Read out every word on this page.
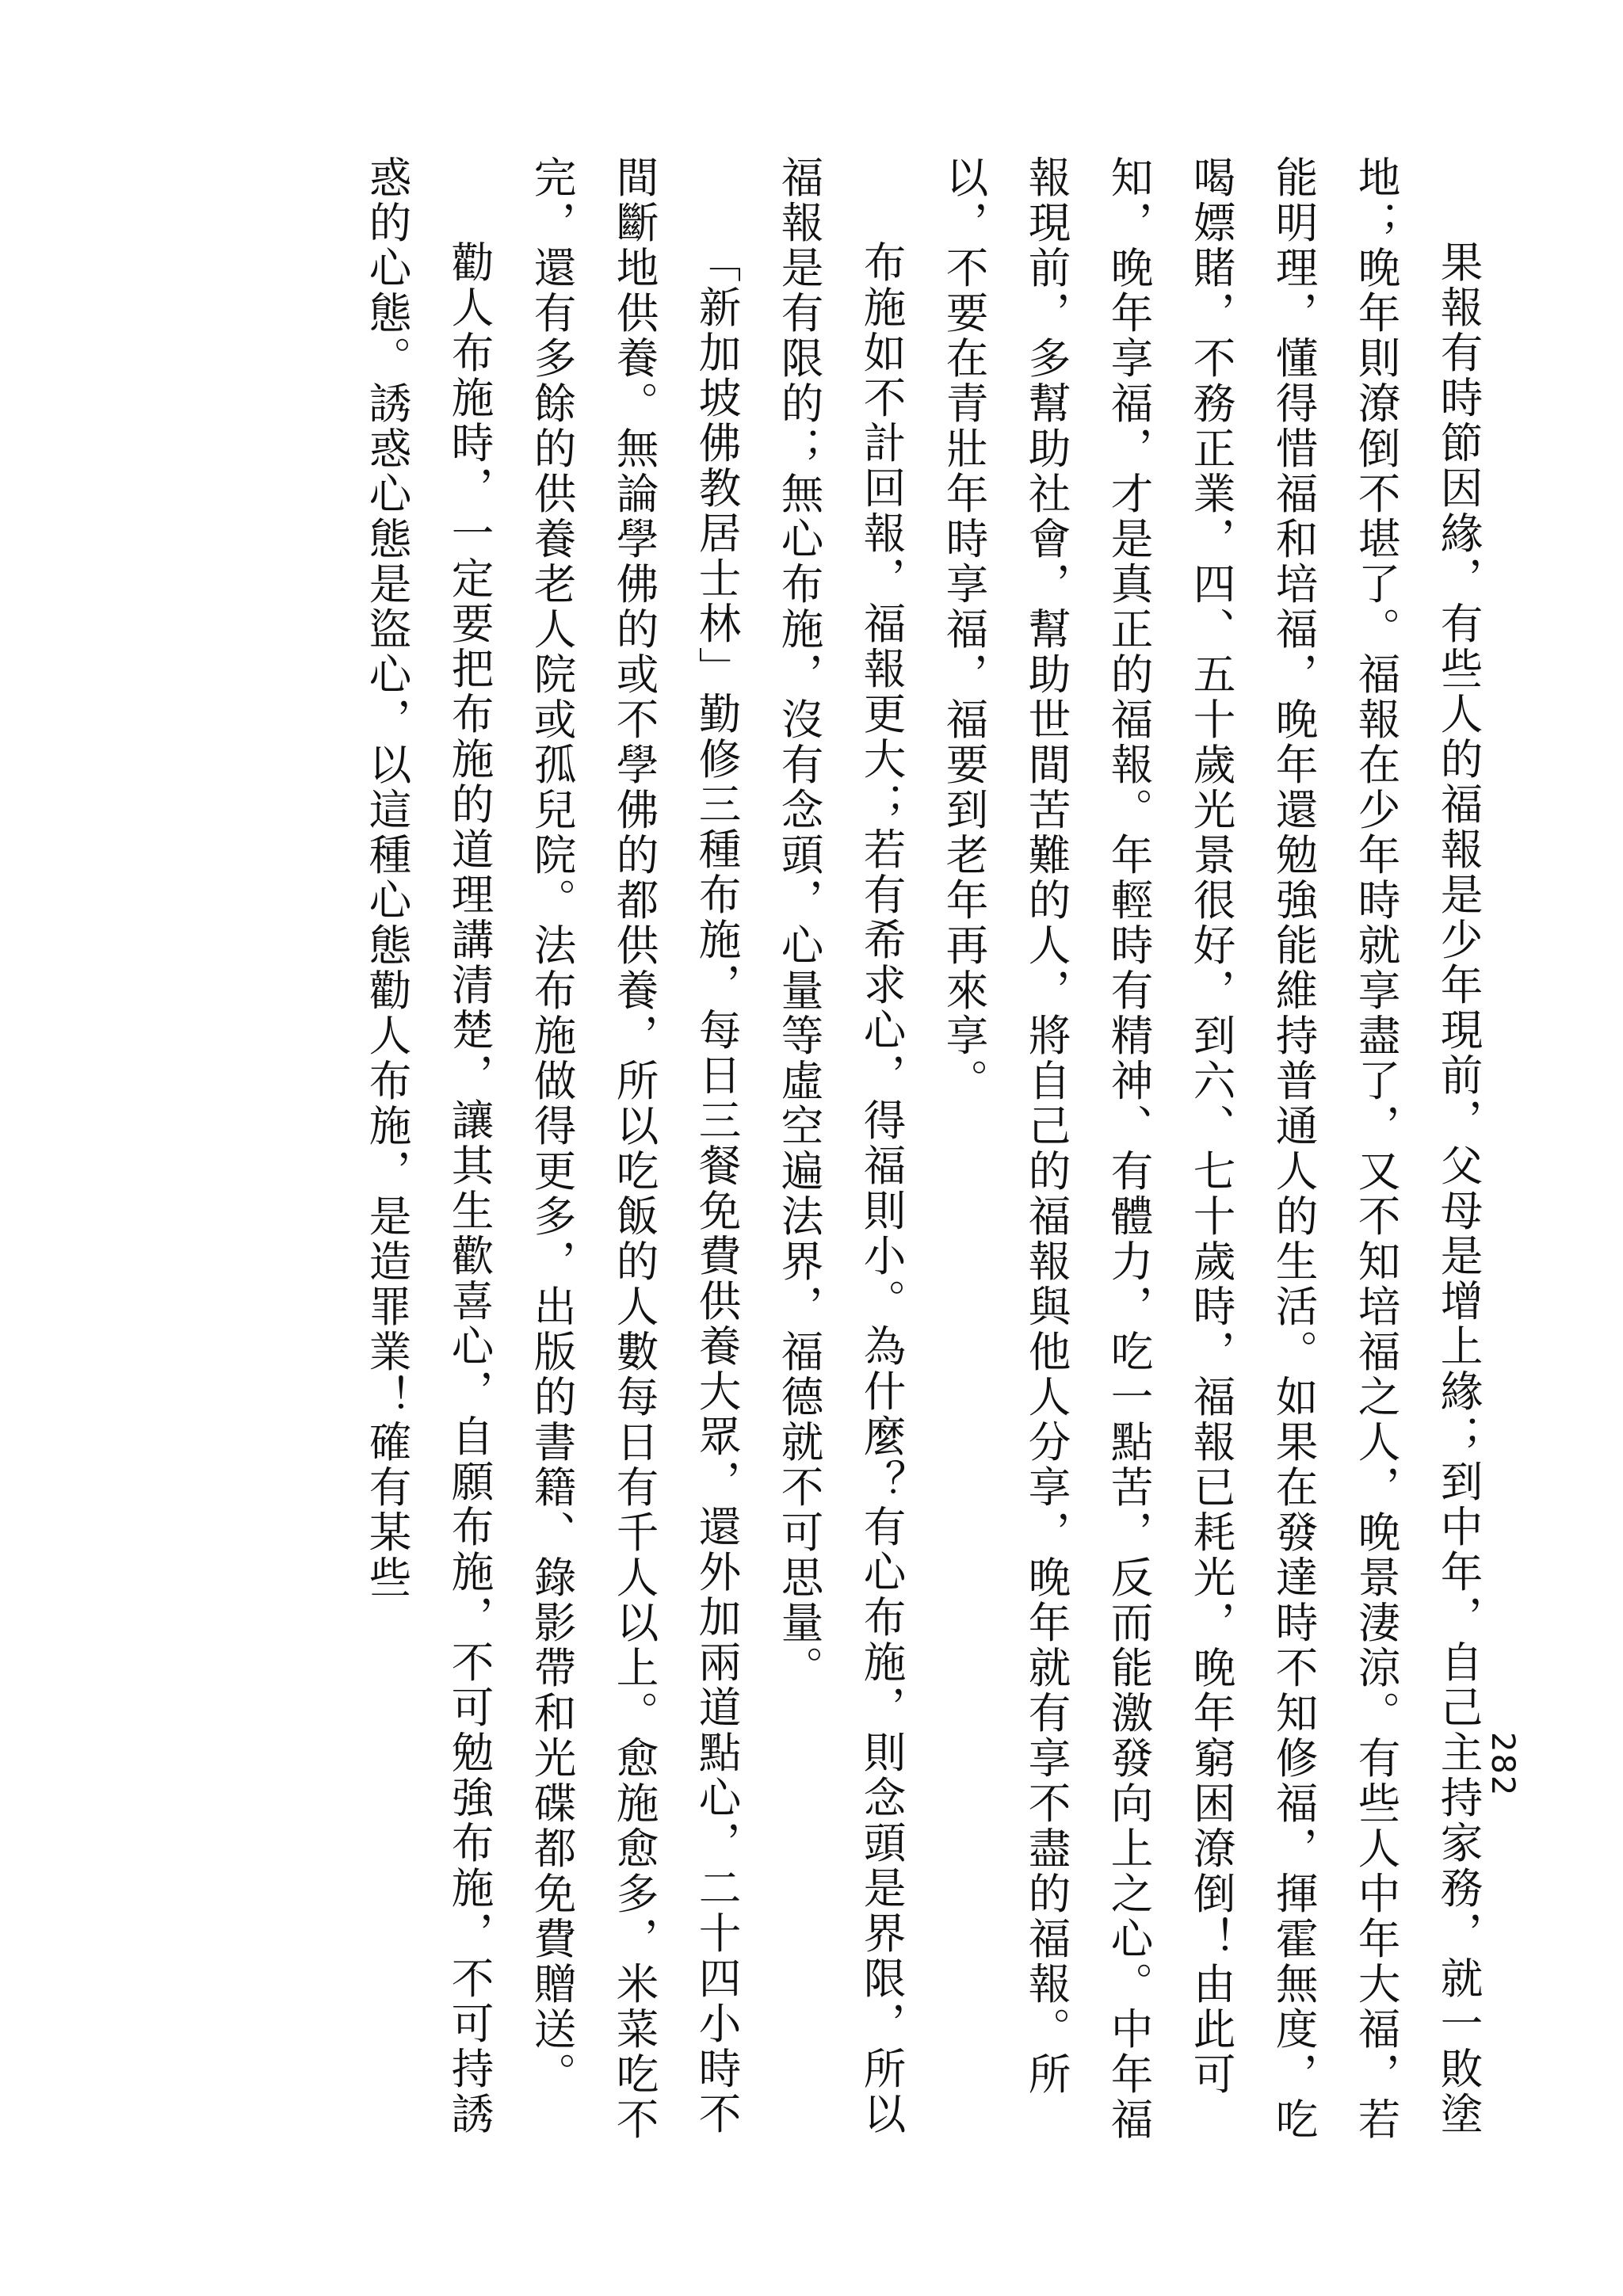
282

果報有時節因緣，有些人的福報是少年現前，父母是增上緣；到中年，自己主持家務，就一敗塗地；晚年則潦倒不堪了。福報在少年時就享盡了，又不知培福之人，晚景淒涼。有些人中年大福，若能明理，懂得惜福和培福，晚年還勉強能維持普通人的生活。如果在發達時不知修福，揮霍無度，吃喝嫖賭，不務正業，四、五十歲光景很好，到六、七十歲時，福報已耗光，晚年窮困潦倒！由此可知，晚年享福，才是真正的福報。年輕時有精神、有體力，吃一點苦，反而能激發向上之心。中年福報現前，多幫助社會，幫助世間苦難的人，將自己的福報與他人分享，晚年就有享不盡的福報。所以，不要在青壯年時享福，福要到老年再來享。

布施如不計回報，福報更大；若有希求心，得福則小。為什麼？有心布施，則念頭是界限，所以福報是有限的；無心布施，沒有念頭，心量等虛空遍法界，福德就不可思量。

「新加坡佛教居士林」勤修三種布施，每日三餐免費供養大眾，還外加兩道點心，二十四小時不間斷地供養。無論學佛的或不學佛的都供養，所以吃飯的人數每日有千人以上。愈施愈多，米菜吃不完，還有多餘的供養老人院或孤兒院。法布施做得更多，出版的書籍、錄影帶和光碟都免費贈送。

勸人布施時，一定要把布施的道理講清楚，讓其生歡喜心，自願布施，不可勉強布施，不可持誘惑的心態。誘惑心態是盜心，以這種心態勸人布施，是造罪業！確有某些
